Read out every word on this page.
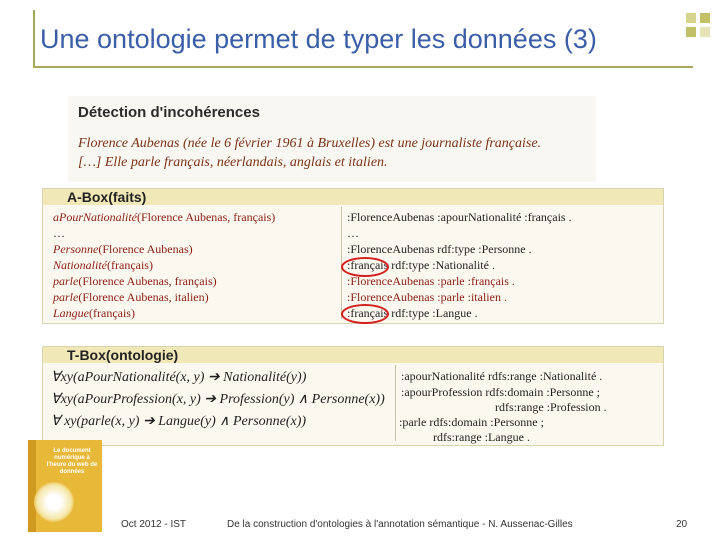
Une ontologie permet de typer les données (3)
Détection d'incohérences
Florence Aubenas (née le 6 février 1961 à Bruxelles) est une journaliste française.
[…] Elle parle français, néerlandais, anglais et italien.
A-Box(faits)
aPourNationalité(Florence Aubenas, français)
…
Personne(Florence Aubenas)
Nationalité(français)
parle(Florence Aubenas, français)
parle(Florence Aubenas, italien)
Langue(français)
:FlorenceAubenas :apourNationalité :français .
…
:FlorenceAubenas rdf:type :Personne .
:français rdf:type :Nationalité .
:FlorenceAubenas :parle :français .
:FlorenceAubenas :parle :italien .
:français rdf:type :Langue .
T-Box(ontologie)
∀xy(aPourNationalité(x, y) ➔ Nationalité(y))
∀xy(aPourProfession(x, y) ➔ Profession(y) ∧ Personne(x))
∀ xy(parle(x, y) ➔ Langue(y) ∧ Personne(x))
:apourNationalité rdfs:range :Nationalité .
:apourProfession rdfs:domain :Personne ;
rdfs:range :Profession .
:parle rdfs:domain :Personne ;
rdfs:range :Langue .
Le document numérique à l'heure du web de données
Oct 2012 - IST	De la construction d'ontologies à l'annotation sémantique - N. Aussenac-Gilles	20
